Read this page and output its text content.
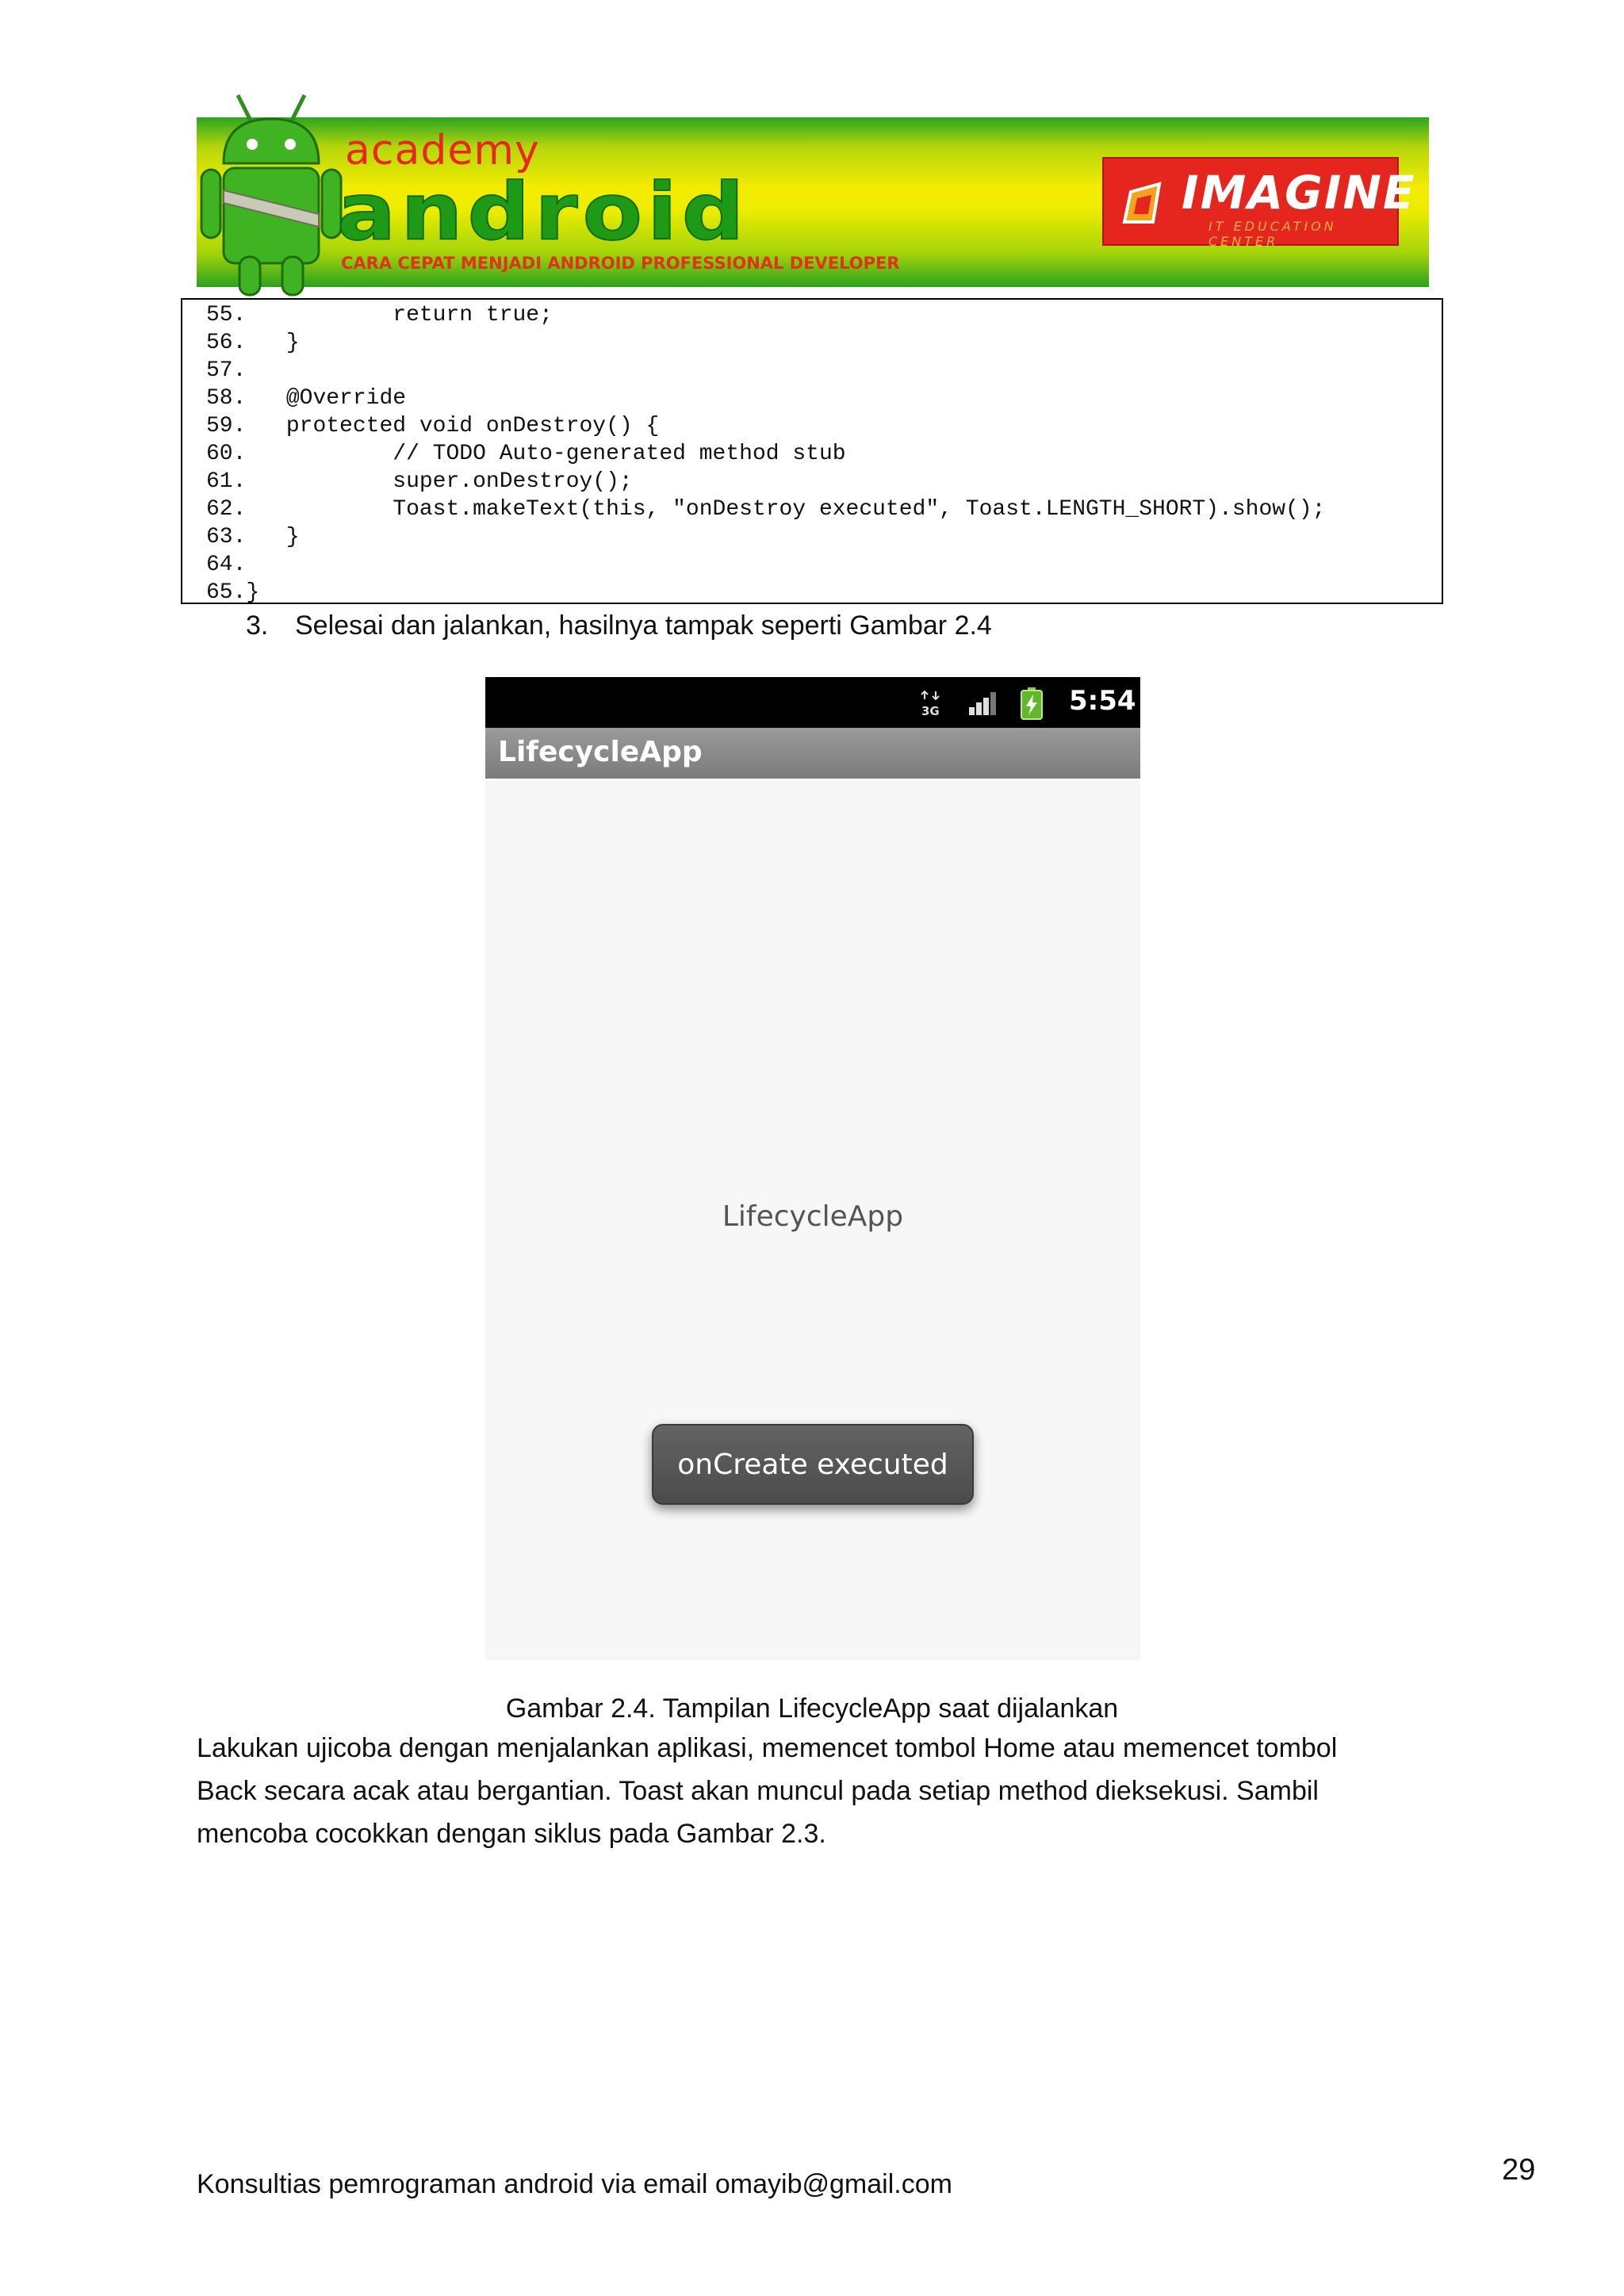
academy
android
CARA CEPAT MENJADI ANDROID PROFESSIONAL DEVELOPER
IMAGINE
IT EDUCATION CENTER
55.           return true;
56. }
57.
58. @Override
59. protected void onDestroy() {
60.           // TODO Auto-generated method stub
61.           super.onDestroy();
62.           Toast.makeText(this, "onDestroy executed", Toast.LENGTH_SHORT).show();
63. }
64.
65.}
3. Selesai dan jalankan, hasilnya tampak seperti Gambar 2.4
3G	5:54
LifecycleApp
LifecycleApp
onCreate executed
Gambar 2.4. Tampilan LifecycleApp saat dijalankan
Lakukan ujicoba dengan menjalankan aplikasi, memencet tombol Home atau memencet tombol
Back secara acak atau bergantian. Toast akan muncul pada setiap method dieksekusi. Sambil
mencoba cocokkan dengan siklus pada Gambar 2.3.
Konsultias pemrograman android via email omayib@gmail.com	29
